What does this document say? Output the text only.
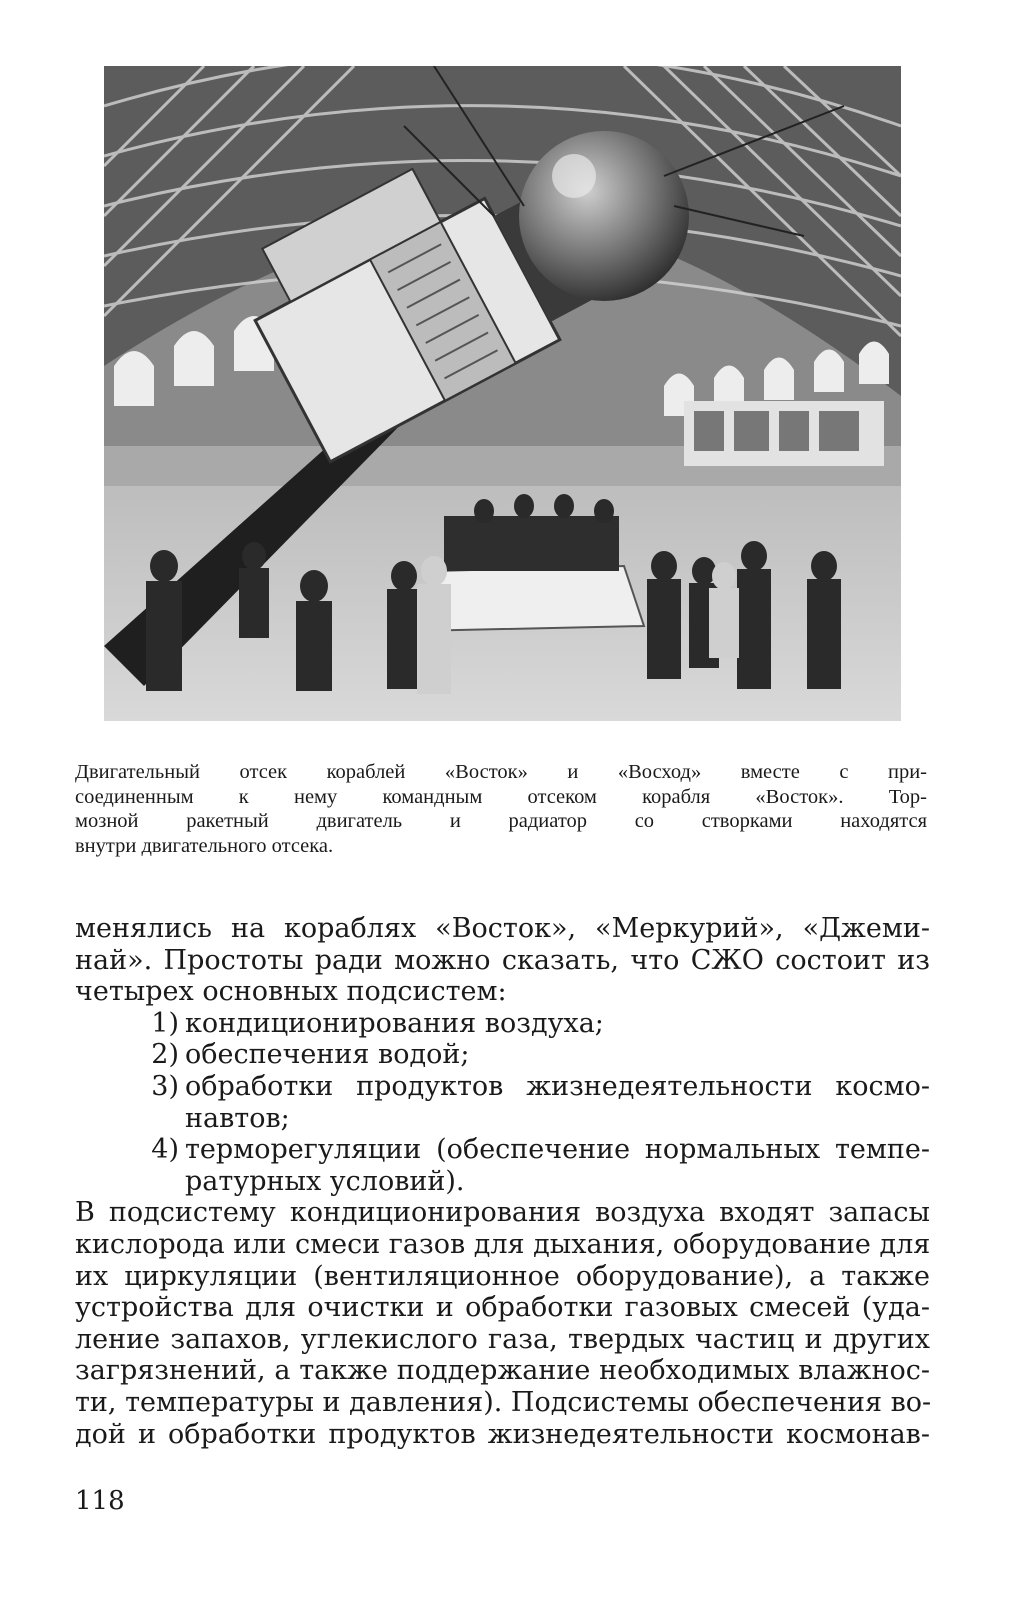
Двигательный отсек кораблей «Восток» и «Восход» вместе с при-
соединенным к нему командным отсеком корабля «Восток». Тор-
мозной ракетный двигатель и радиатор со створками находятся
внутри двигательного отсека.
менялись на кораблях «Восток», «Меркурий», «Джеми-
най». Простоты ради можно сказать, что СЖО состоит из
четырех основных подсистем:
1) кондиционирования воздуха;
2) обеспечения водой;
3) обработки продуктов жизнедеятельности космо-
навтов;
4) терморегуляции (обеспечение нормальных темпе-
ратурных условий).
В подсистему кондиционирования воздуха входят запасы
кислорода или смеси газов для дыхания, оборудование для
их циркуляции (вентиляционное оборудование), а также
устройства для очистки и обработки газовых смесей (уда-
ление запахов, углекислого газа, твердых частиц и других
загрязнений, а также поддержание необходимых влажнос-
ти, температуры и давления). Подсистемы обеспечения во-
дой и обработки продуктов жизнедеятельности космонав-
118
